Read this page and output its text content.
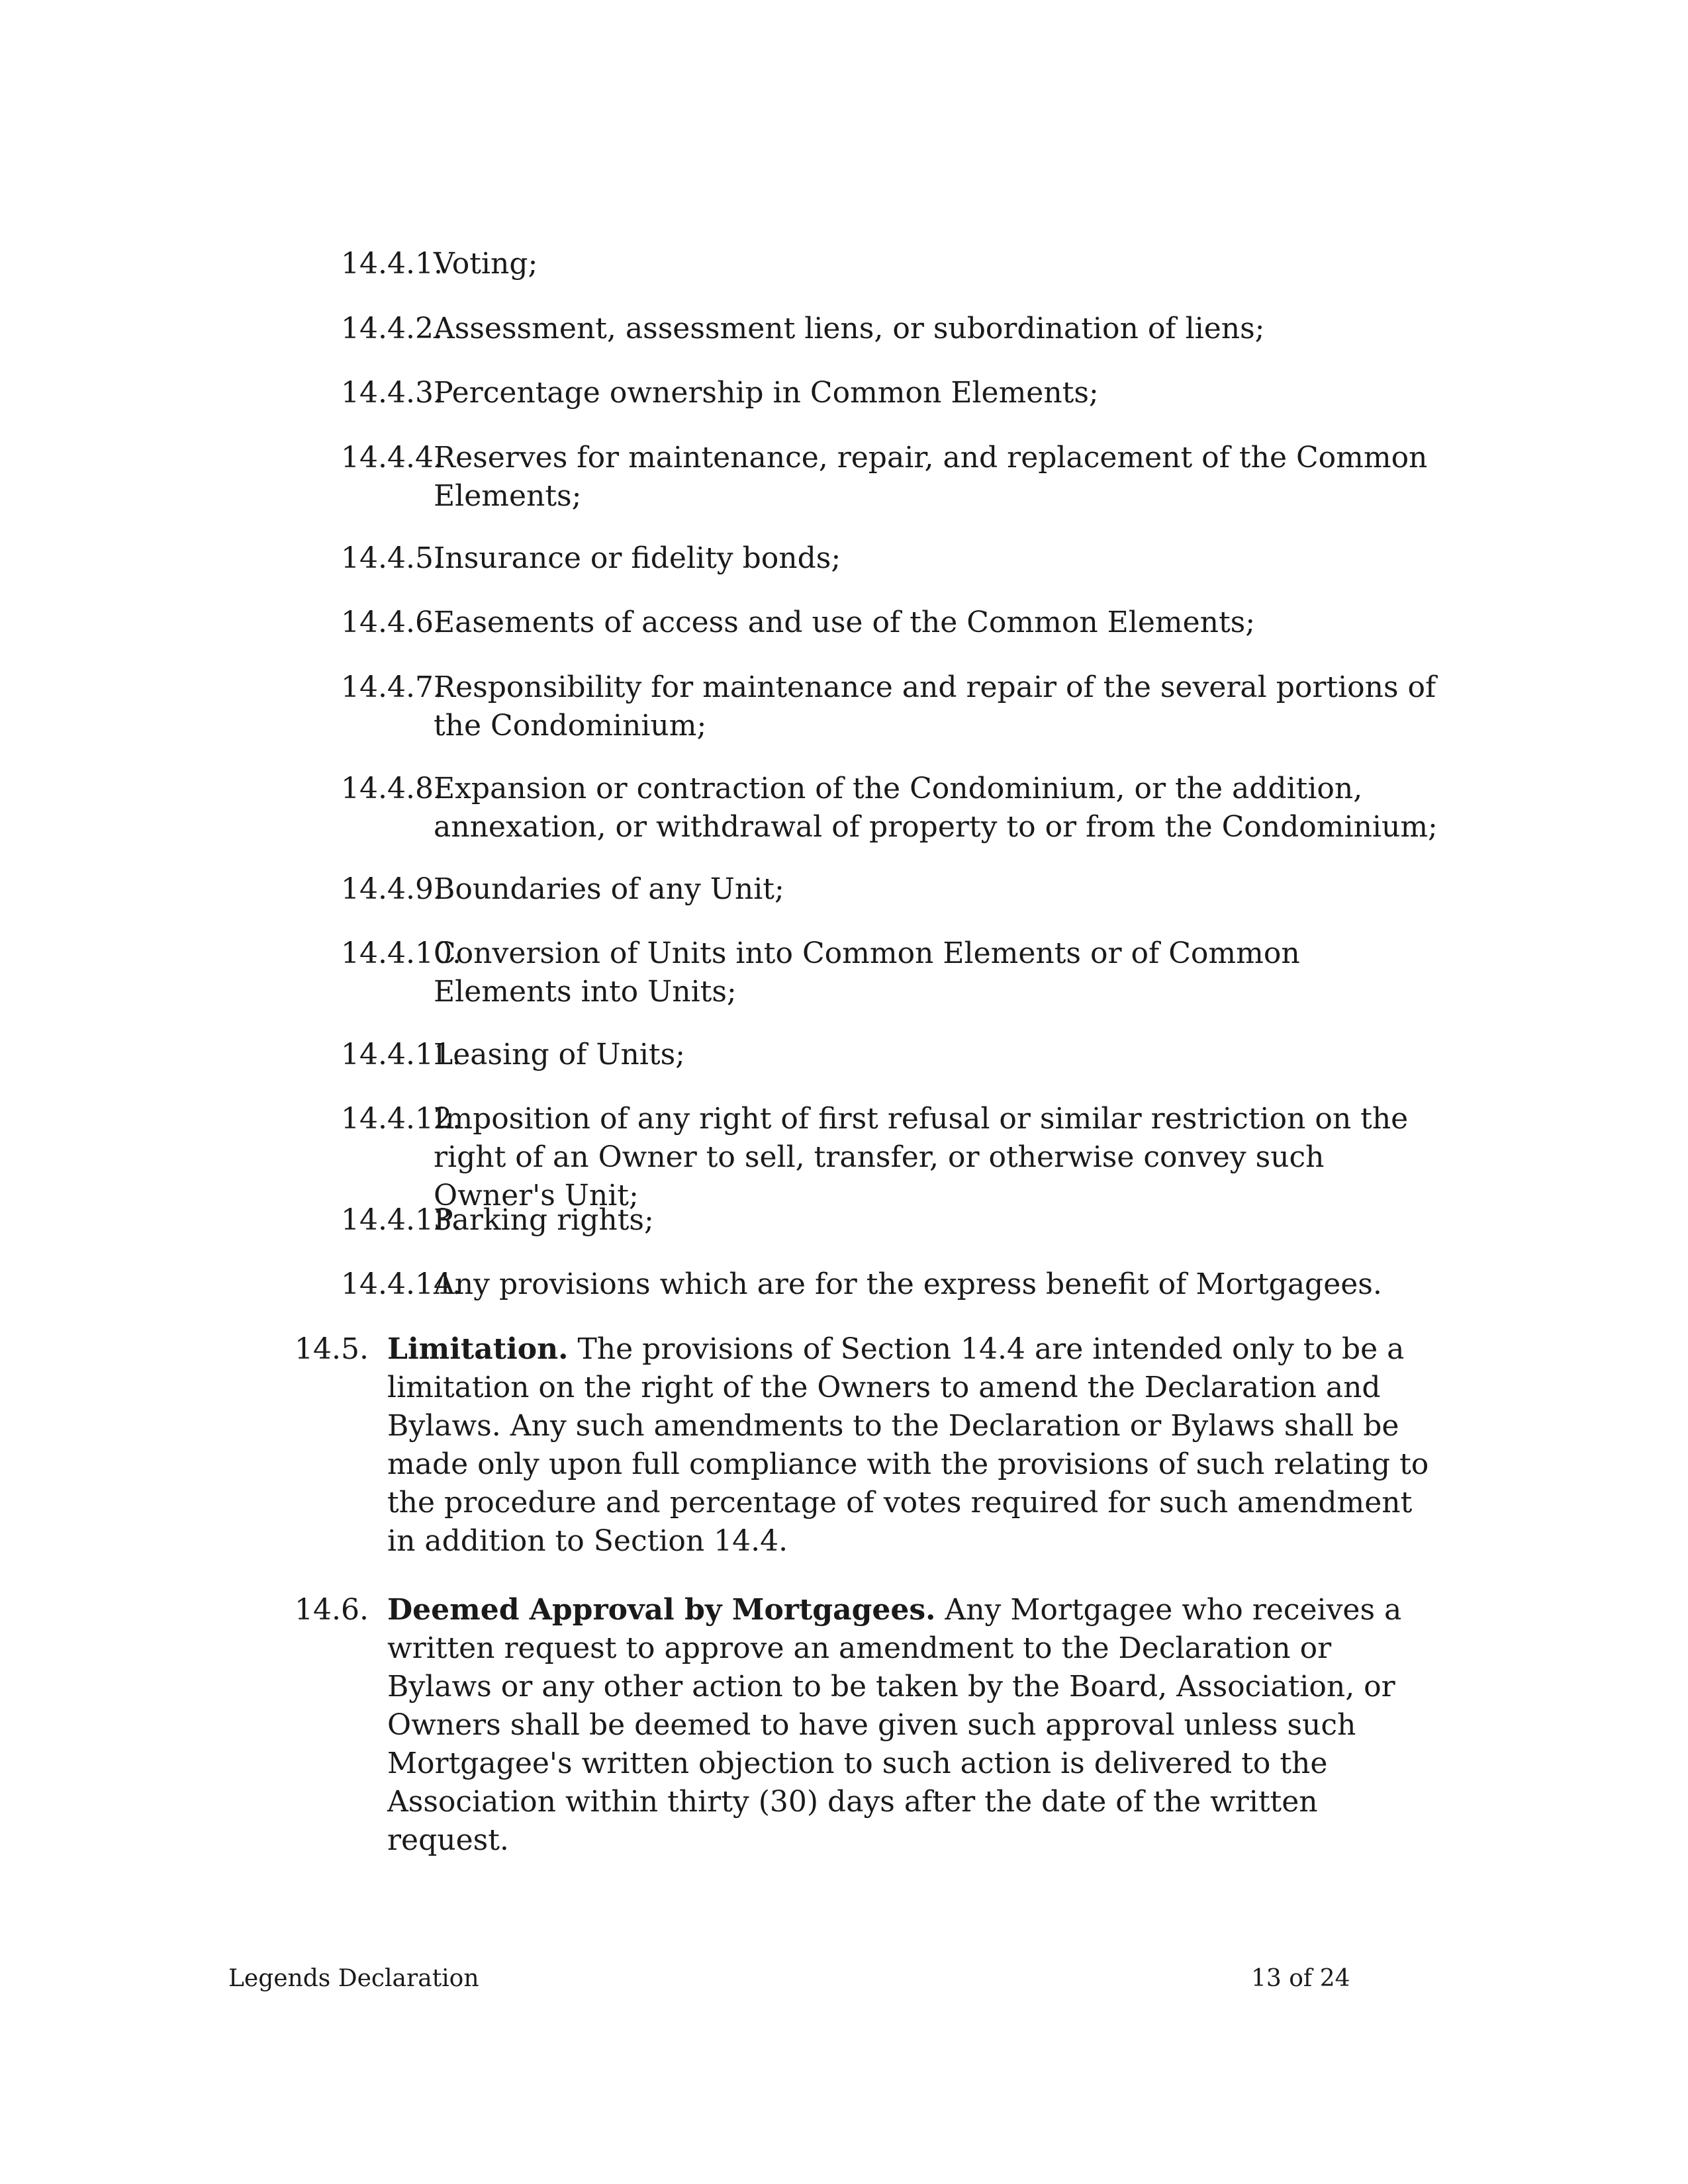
14.4.1.
Voting;
14.4.2.
Assessment, assessment liens, or subordination of liens;
14.4.3.
Percentage ownership in Common Elements;
14.4.4.
Reserves for maintenance, repair, and replacement of the Common Elements;
14.4.5.
Insurance or fidelity bonds;
14.4.6.
Easements of access and use of the Common Elements;
14.4.7.
Responsibility for maintenance and repair of the several portions of the Condominium;
14.4.8.
Expansion or contraction of the Condominium, or the addition, annexation, or withdrawal of property to or from the Condominium;
14.4.9.
Boundaries of any Unit;
14.4.10.
Conversion of Units into Common Elements or of Common Elements into Units;
14.4.11.
Leasing of Units;
14.4.12.
Imposition of any right of first refusal or similar restriction on the right of an Owner to sell, transfer, or otherwise convey such Owner's Unit;
14.4.13.
Parking rights;
14.4.14.
Any provisions which are for the express benefit of Mortgagees.
14.5. Limitation. The provisions of Section 14.4 are intended only to be a limitation on the right of the Owners to amend the Declaration and Bylaws. Any such amendments to the Declaration or Bylaws shall be made only upon full compliance with the provisions of such relating to the procedure and percentage of votes required for such amendment in addition to Section 14.4.
14.6. Deemed Approval by Mortgagees. Any Mortgagee who receives a written request to approve an amendment to the Declaration or Bylaws or any other action to be taken by the Board, Association, or Owners shall be deemed to have given such approval unless such Mortgagee's written objection to such action is delivered to the Association within thirty (30) days after the date of the written request.
Legends Declaration	13 of 24
